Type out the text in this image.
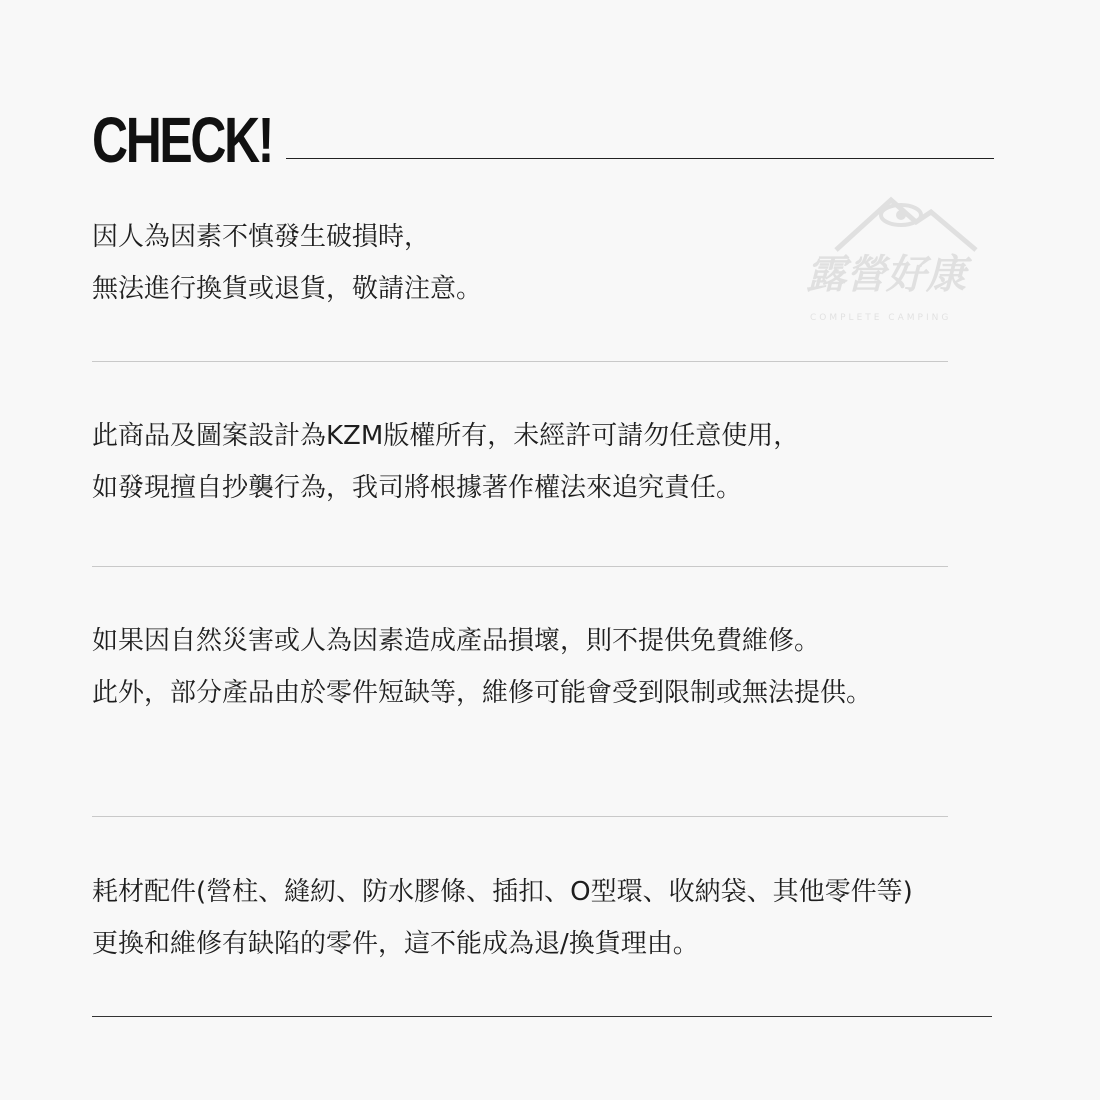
CHECK!
因人為因素不慎發生破損時，
無法進行換貨或退貨，敬請注意。
此商品及圖案設計為KZM版權所有，未經許可請勿任意使用，
如發現擅自抄襲行為，我司將根據著作權法來追究責任。
如果因自然災害或人為因素造成產品損壞，則不提供免費維修。
此外，部分產品由於零件短缺等，維修可能會受到限制或無法提供。
耗材配件(營柱、縫紉、防水膠條、插扣、O型環、收納袋、其他零件等)
更換和維修有缺陷的零件，這不能成為退/換貨理由。
露營好康
COMPLETE CAMPING
